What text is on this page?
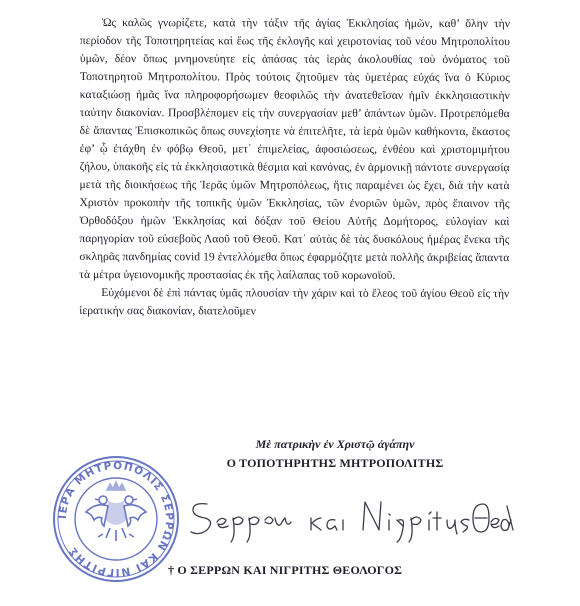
Ὡς καλῶς γνωρίζετε, κατὰ τὴν τάξιν τῆς ἁγίας Ἐκκλησίας ἡμῶν, καθ’ ὅλην τὴν περίοδον τῆς Τοποτηρητείας καὶ ἕως τῆς ἐκλογῆς καὶ χειροτονίας τοῦ νέου Μητροπολίτου ὑμῶν, δέον ὅπως μνημονεύητε εἰς ἁπάσας τὰς ἱερὰς ἀκολουθίας τοὺ ὀνόματος τοῦ Τοποτηρητοῦ Μητροπολίτου. Πρὸς τούτοις ζητοῦμεν τὰς ὑμετέρας εὐχάς ἵνα ὁ Κύριος καταξιώσῃ ἡμᾶς ἵνα πληροφορήσωμεν θεοφιλῶς τὴν ἀνατεθεῖσαν ἡμῖν ἐκκλησιαστικὴν ταύτην διακονίαν. Προσβλέπομεν εἰς τὴν συνεργασίαν μεθ’ ἁπάντων ὑμῶν. Προτρεπόμεθα δὲ ἅπαντας Ἐπισκοπικῶς ὅπως συνεχίσητε νὰ ἐπιτελῆτε, τὰ ἱερὰ ὑμῶν καθήκοντα, ἕκαστος ἐφ’ ᾧ ἐτάχθη ἐν φόβῳ Θεοῦ, μετ΄ ἐπιμελείας, ἀφοσιώσεως, ἐνθέου καὶ χριστομιμήτου ζήλου, ὑπακοῆς εἰς τὰ ἐκκλησιαστικὰ θέσμια καὶ κανόνας, ἐν ἁρμονικῇ πάντοτε συνεργασίᾳ μετὰ τῆς διοικήσεως τῆς Ἱερᾶς ὑμῶν Μητροπόλεως, ἥτις παραμένει ὡς ἔχει, διὰ τὴν κατὰ Χριστὸν προκοπὴν τῆς τοπικῆς ὑμῶν Ἐκκλησίας, τῶν ἐνοριῶν ὑμῶν, πρὸς ἔπαινον τῆς Ὀρθοδόξου ἡμῶν Ἐκκλησίας καὶ δόξαν τοῦ Θείου Αὐτῆς Δομήτορος, εὐλογίαν καὶ παρηγορίαν τοῦ εὐσεβοῦς Λαοῦ τοῦ Θεοῦ. Κατ΄ αὐτὰς δὲ τὰς δυσκόλους ἡμέρας ἕνεκα τῆς σκληρᾶς πανδημίας covid 19 ἐντελλόμεθα ὅπως ἐφαρμόζητε μετὰ πολλῆς ἀκριβείας ἅπαντα τὰ μέτρα ὑγειονομικῆς προστασίας ἐκ τῆς λαίλαπας τοῦ κορωνοϊοῦ.

Εὐχόμενοι δὲ ἐπὶ πάντας ὑμᾶς πλουσίαν τὴν χάριν καὶ τὸ ἔλεος τοῦ ἁγίου Θεοῦ εἰς τὴν ἱερατικήν σας διακονίαν, διατελοῦμεν

Μὲ πατρικὴν ἐν Χριστῷ ἀγάπην
Ο ΤΟΠΟΤΗΡΗΤΗΣ ΜΗΤΡΟΠΟΛΙΤΗΣ
ΙΕΡΑ ΜΗΤΡΟΠΟΛΙΣ ΣΕΡΡΩΝ ΚΑΙ ΝΙΓΡΙΤΗΣ
† Ο ΣΕΡΡΩΝ ΚΑΙ ΝΙΓΡΙΤΗΣ ΘΕΟΛΟΓΟΣ
